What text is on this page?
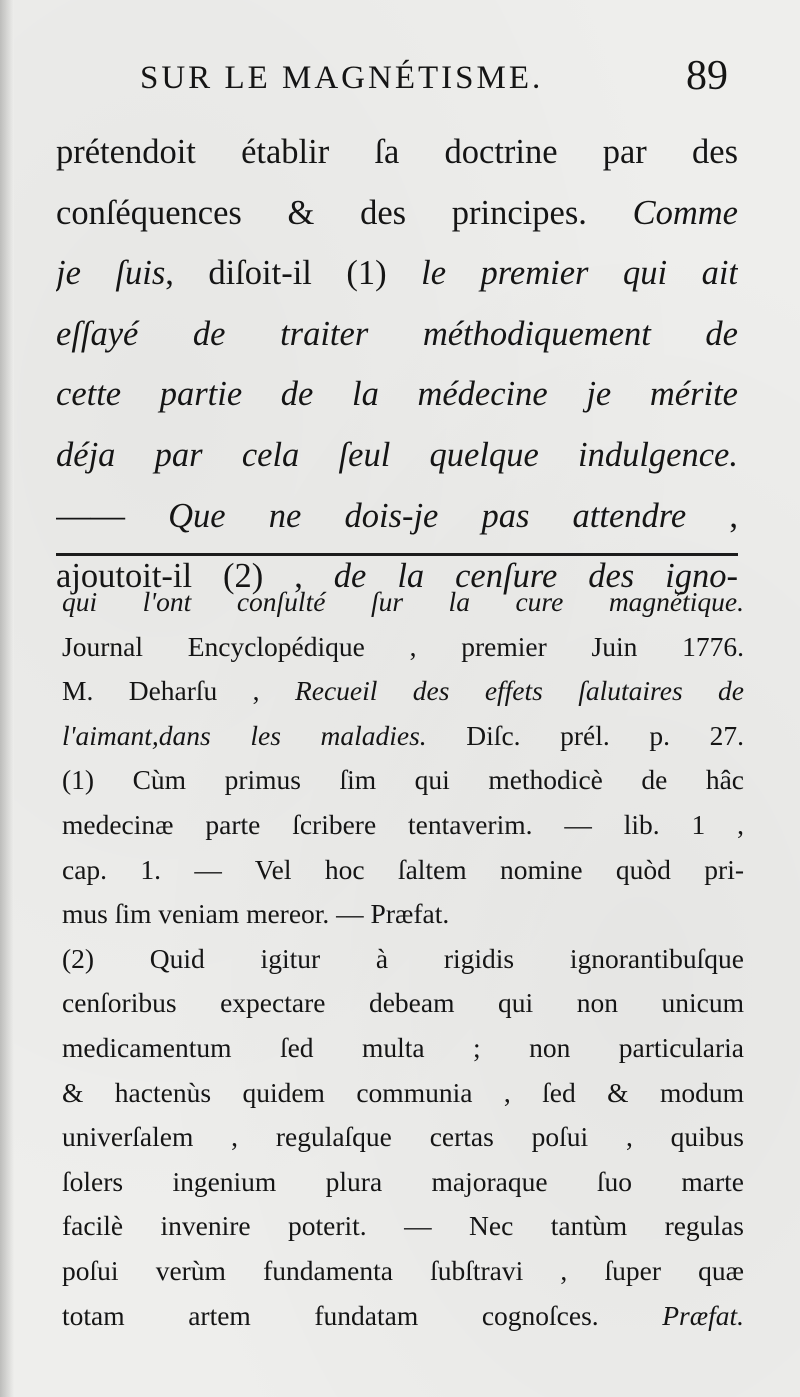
SUR LE MAGNÉTISME.	89
prétendoit établir ſa doctrine par des
conſéquences & des principes. Comme
je ſuis, diſoit-il (1) le premier qui ait
eſſayé de traiter méthodiquement de
cette partie de la médecine je mérite
déja par cela ſeul quelque indulgence.
—— Que ne dois-je pas attendre ,
ajoutoit-il (2) , de la cenſure des igno-
qui l'ont conſulté ſur la cure magnétique.
Journal Encyclopédique , premier Juin 1776.
M. Deharſu , Recueil des effets ſalutaires de
l'aimant,dans les maladies. Diſc. prél. p. 27.
(1) Cùm primus ſim qui methodicè de hâc
medecinæ parte ſcribere tentaverim. — lib. 1 ,
cap. 1. — Vel hoc ſaltem nomine quòd pri-
mus ſim veniam mereor. — Præfat.
(2) Quid igitur à rigidis ignorantibuſque
cenſoribus expectare debeam qui non unicum
medicamentum ſed multa ; non particularia
& hactenùs quidem communia , ſed & modum
univerſalem , regulaſque certas poſui , quibus
ſolers ingenium plura majoraque ſuo marte
facilè invenire poterit. — Nec tantùm regulas
poſui verùm fundamenta ſubſtravi , ſuper quæ
totam artem fundatam cognoſces. Præfat.
